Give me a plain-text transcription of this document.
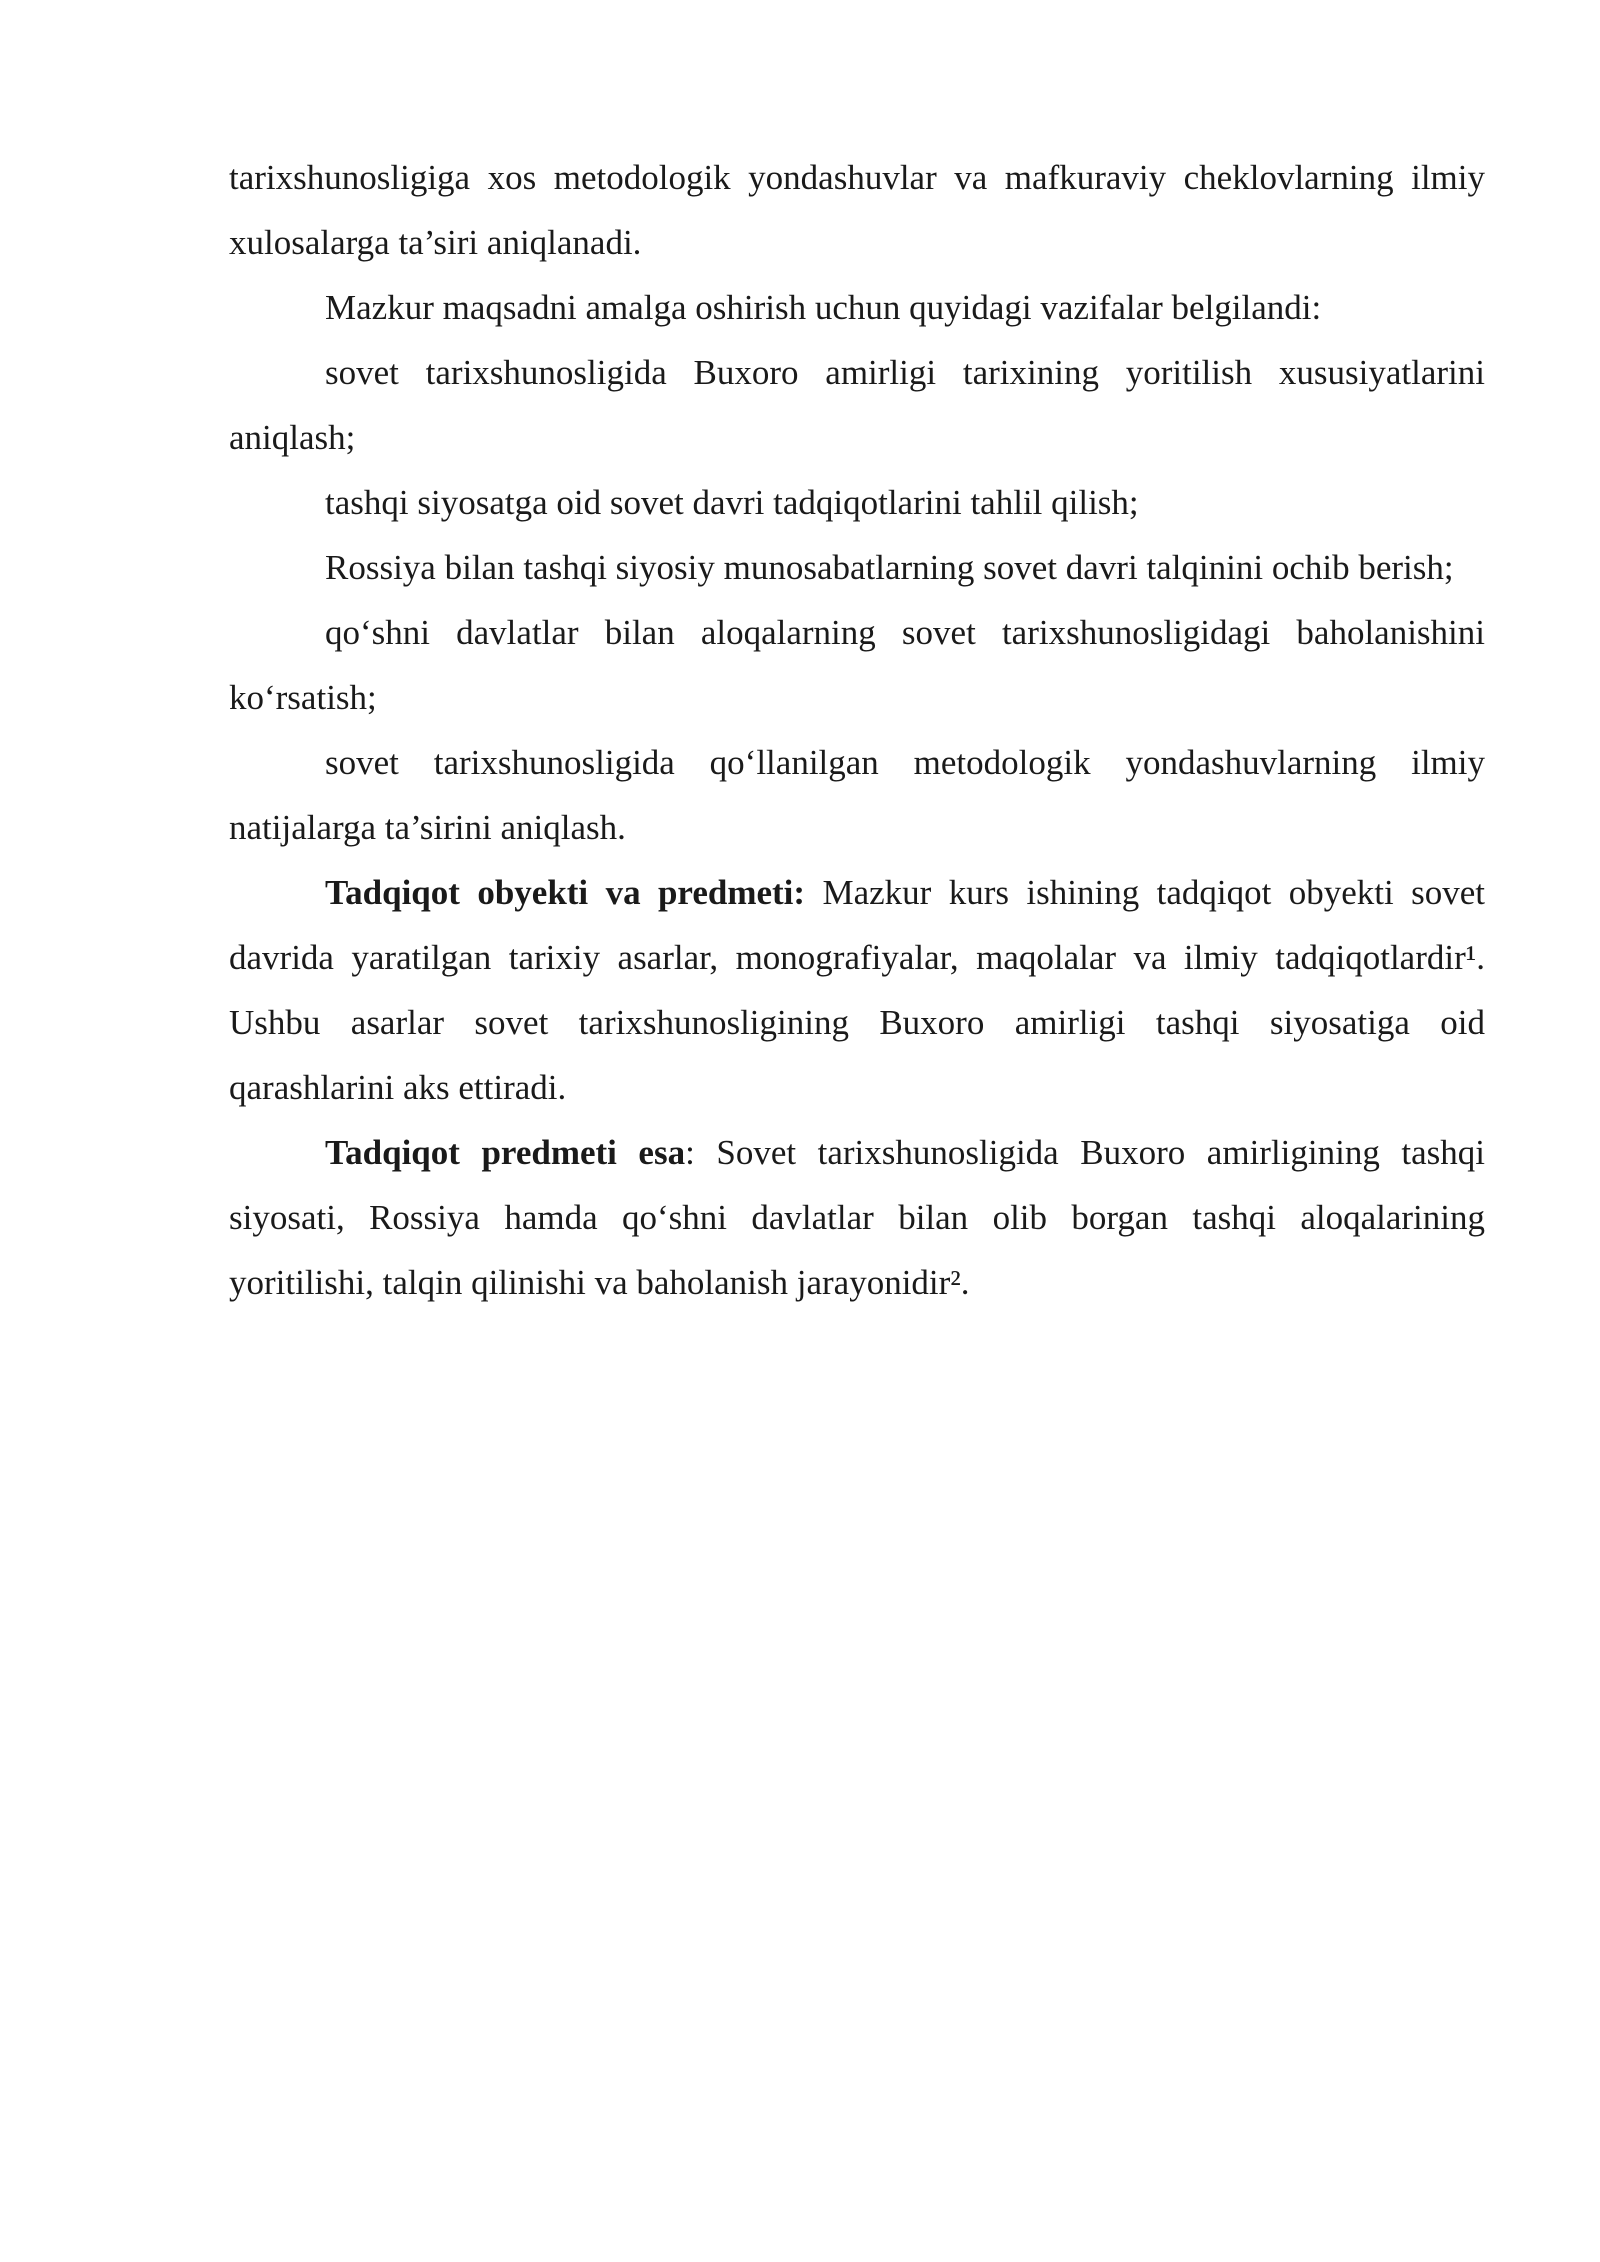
tarixshunosligiga xos metodologik yondashuvlar va mafkuraviy cheklovlarning ilmiy xulosalarga ta’siri aniqlanadi.

Mazkur maqsadni amalga oshirish uchun quyidagi vazifalar belgilandi:

sovet tarixshunosligida Buxoro amirligi tarixining yoritilish xususiyatlarini aniqlash;

tashqi siyosatga oid sovet davri tadqiqotlarini tahlil qilish;

Rossiya bilan tashqi siyosiy munosabatlarning sovet davri talqinini ochib berish;

qo‘shni davlatlar bilan aloqalarning sovet tarixshunosligidagi baholanishini ko‘rsatish;

sovet tarixshunosligida qo‘llanilgan metodologik yondashuvlarning ilmiy natijalarga ta’sirini aniqlash.

Tadqiqot obyekti va predmeti: Mazkur kurs ishining tadqiqot obyekti sovet davrida yaratilgan tarixiy asarlar, monografiyalar, maqolalar va ilmiy tadqiqotlardir¹. Ushbu asarlar sovet tarixshunosligining Buxoro amirligi tashqi siyosatiga oid qarashlarini aks ettiradi.

Tadqiqot predmeti esa: Sovet tarixshunosligida Buxoro amirligining tashqi siyosati, Rossiya hamda qo‘shni davlatlar bilan olib borgan tashqi aloqalarining yoritilishi, talqin qilinishi va baholanish jarayonidir².
